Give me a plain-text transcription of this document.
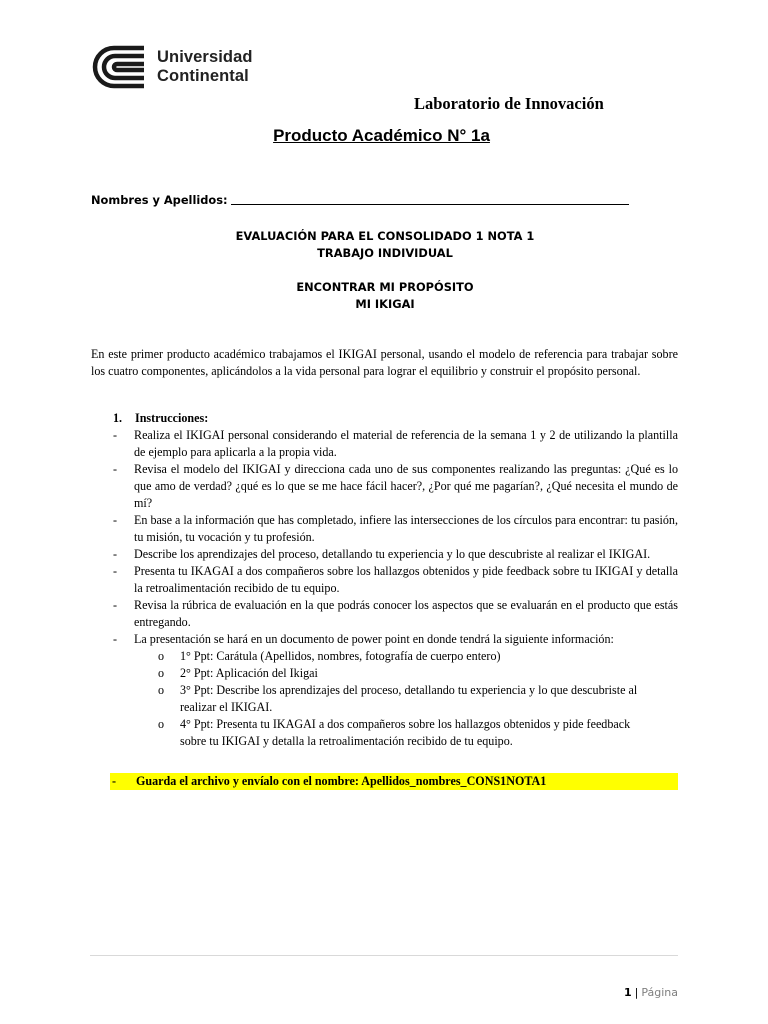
Universidad
Continental
Laboratorio de Innovación
Producto Académico N° 1a
Nombres y Apellidos:
EVALUACIÓN PARA EL CONSOLIDADO 1 NOTA 1
TRABAJO INDIVIDUAL
ENCONTRAR MI PROPÓSITO
MI IKIGAI
En este primer producto académico trabajamos el IKIGAI personal, usando el modelo de referencia para trabajar sobre los cuatro componentes, aplicándolos a la vida personal para lograr el equilibrio y construir el propósito personal.
1. Instrucciones:
- Realiza el IKIGAI personal considerando el material de referencia de la semana 1 y 2 de utilizando la plantilla de ejemplo para aplicarla a la propia vida.
- Revisa el modelo del IKIGAI y direcciona cada uno de sus componentes realizando las preguntas: ¿Qué es lo que amo de verdad? ¿qué es lo que se me hace fácil hacer?, ¿Por qué me pagarían?, ¿Qué necesita el mundo de mí?
- En base a la información que has completado, infiere las intersecciones de los círculos para encontrar: tu pasión, tu misión, tu vocación y tu profesión.
- Describe los aprendizajes del proceso, detallando tu experiencia y lo que descubriste al realizar el IKIGAI.
- Presenta tu IKAGAI a dos compañeros sobre los hallazgos obtenidos y pide feedback sobre tu IKIGAI y detalla la retroalimentación recibido de tu equipo.
- Revisa la rúbrica de evaluación en la que podrás conocer los aspectos que se evaluarán en el producto que estás entregando.
- La presentación se hará en un documento de power point en donde tendrá la siguiente información:
o 1° Ppt: Carátula (Apellidos, nombres, fotografía de cuerpo entero)
o 2° Ppt: Aplicación del Ikigai
o 3° Ppt: Describe los aprendizajes del proceso, detallando tu experiencia y lo que descubriste al realizar el IKIGAI.
o 4° Ppt: Presenta tu IKAGAI a dos compañeros sobre los hallazgos obtenidos y pide feedback sobre tu IKIGAI y detalla la retroalimentación recibido de tu equipo.
- Guarda el archivo y envíalo con el nombre: Apellidos_nombres_CONS1NOTA1
1 | Página
